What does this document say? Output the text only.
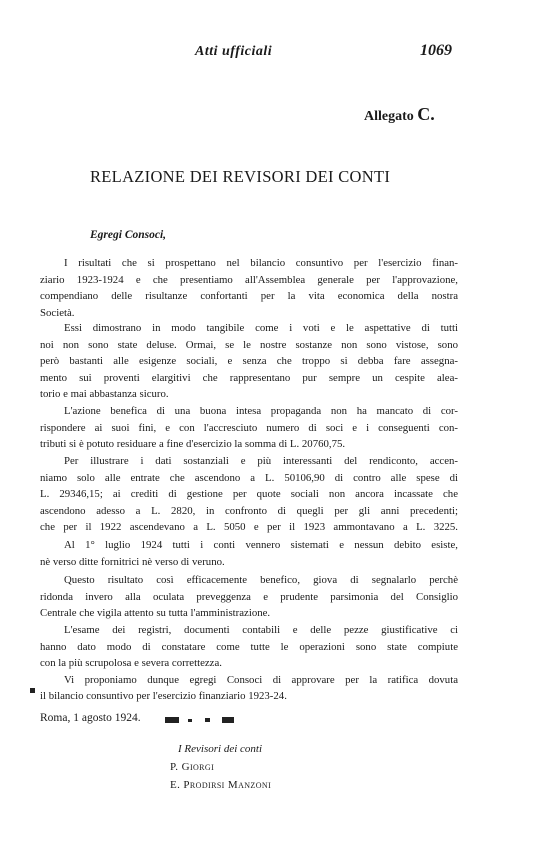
Atti ufficiali	1069
Allegato C.
RELAZIONE DEI REVISORI DEI CONTI
Egregi Consoci,
I risultati che si prospettano nel bilancio consuntivo per l'esercizio finan-
ziario 1923-1924 e che presentiamo all'Assemblea generale per l'approvazione,
compendiano delle risultanze confortanti per la vita economica della nostra
Società.
Essi dimostrano in modo tangibile come i voti e le aspettative di tutti
noi non sono state deluse. Ormai, se le nostre sostanze non sono vistose, sono
però bastanti alle esigenze sociali, e senza che troppo si debba fare assegna-
mento sui proventi elargitivi che rappresentano pur sempre un cespite alea-
torio e mai abbastanza sicuro.
L'azione benefica di una buona intesa propaganda non ha mancato di cor-
rispondere ai suoi fini, e con l'accresciuto numero di soci e i conseguenti con-
tributi si è potuto residuare a fine d'esercizio la somma di L. 20760,75.
Per illustrare i dati sostanziali e più interessanti del rendiconto, accen-
niamo solo alle entrate che ascendono a L. 50106,90 di contro alle spese di
L. 29346,15; ai crediti di gestione per quote sociali non ancora incassate che
ascendono adesso a L. 2820, in confronto di quegli per gli anni precedenti;
che per il 1922 ascendevano a L. 5050 e per il 1923 ammontavano a L. 3225.
Al 1° luglio 1924 tutti i conti vennero sistemati e nessun debito esiste,
nè verso ditte fornitrici nè verso di veruno.
Questo risultato così efficacemente benefico, giova di segnalarlo perchè
ridonda invero alla oculata preveggenza e prudente parsimonia del Consiglio
Centrale che vigila attento su tutta l'amministrazione.
L'esame dei registri, documenti contabili e delle pezze giustificative ci
hanno dato modo di constatare come tutte le operazioni sono state compiute
con la più scrupolosa e severa correttezza.
Vi proponiamo dunque egregi Consoci di approvare per la ratifica dovuta
il bilancio consuntivo per l'esercizio finanziario 1923-24.
Roma, 1 agosto 1924.
I Revisori dei conti
P. Giorgi
E. Prodirsi Manzoni
